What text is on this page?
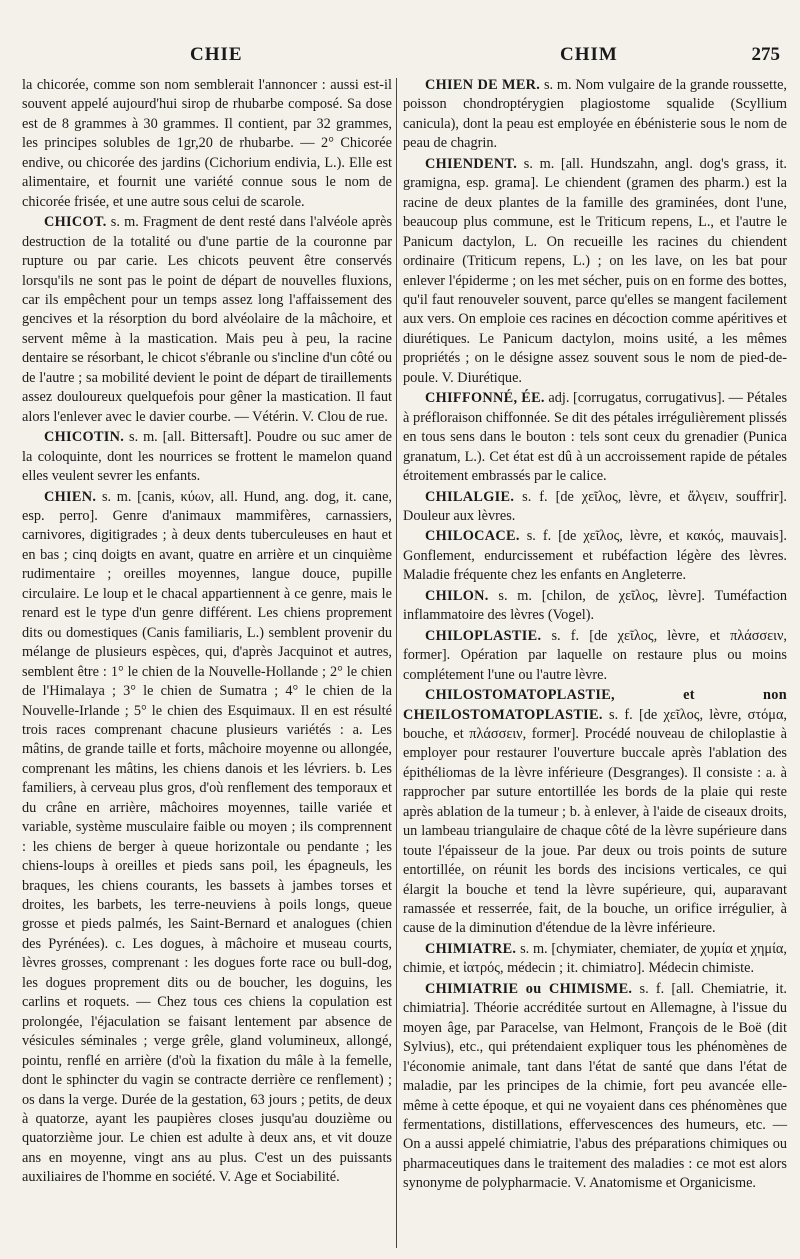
CHIE	CHIM	275

la chicorée, comme son nom semblerait l'annoncer : aussi est-il souvent appelé aujourd'hui sirop de rhubarbe composé. Sa dose est de 8 grammes à 30 grammes. Il contient, par 32 grammes, les principes solubles de 1gr,20 de rhubarbe. — 2° Chicorée endive, ou chicorée des jardins (Cichorium endivia, L.). Elle est alimentaire, et fournit une variété connue sous le nom de chicorée frisée, et une autre sous celui de scarole.

CHICOT. s. m. Fragment de dent resté dans l'alvéole après destruction de la totalité ou d'une partie de la couronne par rupture ou par carie. Les chicots peuvent être conservés lorsqu'ils ne sont pas le point de départ de nouvelles fluxions, car ils empêchent pour un temps assez long l'affaissement des gencives et la résorption du bord alvéolaire de la mâchoire, et servent même à la mastication. Mais peu à peu, la racine dentaire se résorbant, le chicot s'ébranle ou s'incline d'un côté ou de l'autre ; sa mobilité devient le point de départ de tiraillements assez douloureux quelquefois pour gêner la mastication. Il faut alors l'enlever avec le davier courbe. — Vétérin. V. Clou de rue.

CHICOTIN. s. m. [all. Bittersaft]. Poudre ou suc amer de la coloquinte, dont les nourrices se frottent le mamelon quand elles veulent sevrer les enfants.

CHIEN. s. m. [canis, κύων, all. Hund, ang. dog, it. cane, esp. perro]. Genre d'animaux mammifères, carnassiers, carnivores, digitigrades ; à deux dents tuberculeuses en haut et en bas ; cinq doigts en avant, quatre en arrière et un cinquième rudimentaire ; oreilles moyennes, langue douce, pupille circulaire. Le loup et le chacal appartiennent à ce genre, mais le renard est le type d'un genre différent. Les chiens proprement dits ou domestiques (Canis familiaris, L.) semblent provenir du mélange de plusieurs espèces, qui, d'après Jacquinot et autres, semblent être : 1° le chien de la Nouvelle-Hollande ; 2° le chien de l'Himalaya ; 3° le chien de Sumatra ; 4° le chien de la Nouvelle-Irlande ; 5° le chien des Esquimaux. Il en est résulté trois races comprenant chacune plusieurs variétés : a. Les mâtins, de grande taille et forts, mâchoire moyenne ou allongée, comprenant les mâtins, les chiens danois et les lévriers. b. Les familiers, à cerveau plus gros, d'où renflement des temporaux et du crâne en arrière, mâchoires moyennes, taille variée et variable, système musculaire faible ou moyen ; ils comprennent : les chiens de berger à queue horizontale ou pendante ; les chiens-loups à oreilles et pieds sans poil, les épagneuls, les braques, les chiens courants, les bassets à jambes torses et droites, les barbets, les terre-neuviens à poils longs, queue grosse et pieds palmés, les Saint-Bernard et analogues (chien des Pyrénées). c. Les dogues, à mâchoire et museau courts, lèvres grosses, comprenant : les dogues forte race ou bull-dog, les dogues proprement dits ou de boucher, les doguins, les carlins et roquets. — Chez tous ces chiens la copulation est prolongée, l'éjaculation se faisant lentement par absence de vésicules séminales ; verge grêle, gland volumineux, allongé, pointu, renflé en arrière (d'où la fixation du mâle à la femelle, dont le sphincter du vagin se contracte derrière ce renflement) ; os dans la verge. Durée de la gestation, 63 jours ; petits, de deux à quatorze, ayant les paupières closes jusqu'au douzième ou quatorzième jour. Le chien est adulte à deux ans, et vit douze ans en moyenne, vingt ans au plus. C'est un des puissants auxiliaires de l'homme en société. V. Age et Sociabilité.

CHIEN DE MER. s. m. Nom vulgaire de la grande roussette, poisson chondroptérygien plagiostome squalide (Scyllium canicula), dont la peau est employée en ébénisterie sous le nom de peau de chagrin.

CHIENDENT. s. m. [all. Hundszahn, angl. dog's grass, it. gramigna, esp. grama]. Le chiendent (gramen des pharm.) est la racine de deux plantes de la famille des graminées, dont l'une, beaucoup plus commune, est le Triticum repens, L., et l'autre le Panicum dactylon, L. On recueille les racines du chiendent ordinaire (Triticum repens, L.) ; on les lave, on les bat pour enlever l'épiderme ; on les met sécher, puis on en forme des bottes, qu'il faut renouveler souvent, parce qu'elles se mangent facilement aux vers. On emploie ces racines en décoction comme apéritives et diurétiques. Le Panicum dactylon, moins usité, a les mêmes propriétés ; on le désigne assez souvent sous le nom de pied-de-poule. V. Diurétique.

CHIFFONNÉ, ÉE. adj. [corrugatus, corrugativus]. — Pétales à préfloraison chiffonnée. Se dit des pétales irrégulièrement plissés en tous sens dans le bouton : tels sont ceux du grenadier (Punica granatum, L.). Cet état est dû à un accroissement rapide de pétales étroitement embrassés par le calice.

CHILALGIE. s. f. [de χεῖλος, lèvre, et ἄλγειν, souffrir]. Douleur aux lèvres.

CHILOCACE. s. f. [de χεῖλος, lèvre, et κακός, mauvais]. Gonflement, endurcissement et rubéfaction légère des lèvres. Maladie fréquente chez les enfants en Angleterre.

CHILON. s. m. [chilon, de χεῖλος, lèvre]. Tuméfaction inflammatoire des lèvres (Vogel).

CHILOPLASTIE. s. f. [de χεῖλος, lèvre, et πλάσσειν, former]. Opération par laquelle on restaure plus ou moins complétement l'une ou l'autre lèvre.

CHILOSTOMATOPLASTIE, et non CHEILOSTOMATOPLASTIE. s. f. [de χεῖλος, lèvre, στόμα, bouche, et πλάσσειν, former]. Procédé nouveau de chiloplastie à employer pour restaurer l'ouverture buccale après l'ablation des épithéliomas de la lèvre inférieure (Desgranges). Il consiste : a. à rapprocher par suture entortillée les bords de la plaie qui reste après ablation de la tumeur ; b. à enlever, à l'aide de ciseaux droits, un lambeau triangulaire de chaque côté de la lèvre supérieure dans toute l'épaisseur de la joue. Par deux ou trois points de suture entortillée, on réunit les bords des incisions verticales, ce qui élargit la bouche et tend la lèvre supérieure, qui, auparavant ramassée et resserrée, fait, de la bouche, un orifice irrégulier, à cause de la diminution d'étendue de la lèvre inférieure.

CHIMIATRE. s. m. [chymiater, chemiater, de χυμία et χημία, chimie, et ἰατρός, médecin ; it. chimiatro]. Médecin chimiste.

CHIMIATRIE ou CHIMISME. s. f. [all. Chemiatrie, it. chimiatria]. Théorie accréditée surtout en Allemagne, à l'issue du moyen âge, par Paracelse, van Helmont, François de le Boë (dit Sylvius), etc., qui prétendaient expliquer tous les phénomènes de l'économie animale, tant dans l'état de santé que dans l'état de maladie, par les principes de la chimie, fort peu avancée elle-même à cette époque, et qui ne voyaient dans ces phénomènes que fermentations, distillations, effervescences des humeurs, etc. — On a aussi appelé chimiatrie, l'abus des préparations chimiques ou pharmaceutiques dans le traitement des maladies : ce mot est alors synonyme de polypharmacie. V. Anatomisme et Organicisme.
